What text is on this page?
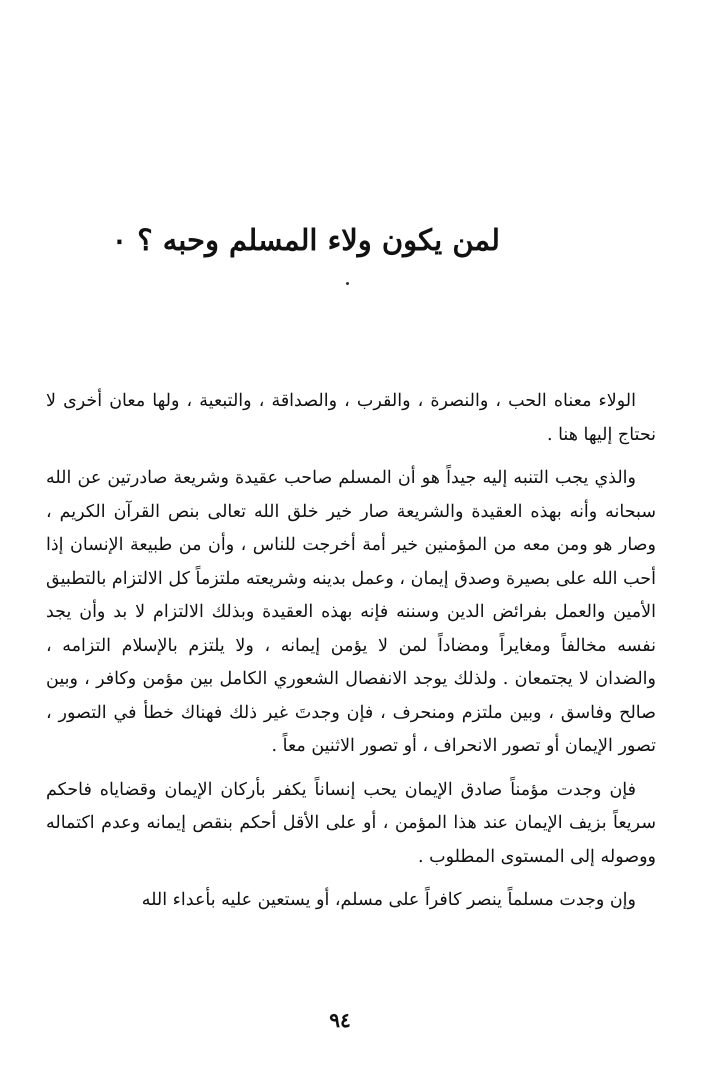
لمن يكون ولاء المسلم وحبه ؟ ٠

الولاء معناه الحب ، والنصرة ، والقرب ، والصداقة ، والتبعية ، ولها معان أخرى لا نحتاج إليها هنا .

والذي يجب التنبه إليه جيداً هو أن المسلم صاحب عقيدة وشريعة صادرتين عن الله سبحانه وأنه بهذه العقيدة والشريعة صار خير خلق الله تعالى بنص القرآن الكريم ، وصار هو ومن معه من المؤمنين خير أمة أخرجت للناس ، وأن من طبيعة الإنسان إذا أحب الله على بصيرة وصدق إيمان ، وعمل بدينه وشريعته ملتزماً كل الالتزام بالتطبيق الأمين والعمل بفرائض الدين وسننه فإنه بهذه العقيدة وبذلك الالتزام لا بد وأن يجد نفسه مخالفاً ومغايراً ومضاداً لمن لا يؤمن إيمانه ، ولا يلتزم بالإسلام التزامه ، والضدان لا يجتمعان . ولذلك يوجد الانفصال الشعوري الكامل بين مؤمن وكافر ، وبين صالح وفاسق ، وبين ملتزم ومنحرف ، فإن وجدتَ غير ذلك فهناك خطأ في التصور ، تصور الإيمان أو تصور الانحراف ، أو تصور الاثنين معاً .

فإن وجدت مؤمناً صادق الإيمان يحب إنساناً يكفر بأركان الإيمان وقضاياه فاحكم سريعاً بزيف الإيمان عند هذا المؤمن ، أو على الأقل أحكم بنقص إيمانه وعدم اكتماله ووصوله إلى المستوى المطلوب .

وإن وجدت مسلماً ينصر كافراً على مسلم، أو يستعين عليه بأعداء الله

٩٤
